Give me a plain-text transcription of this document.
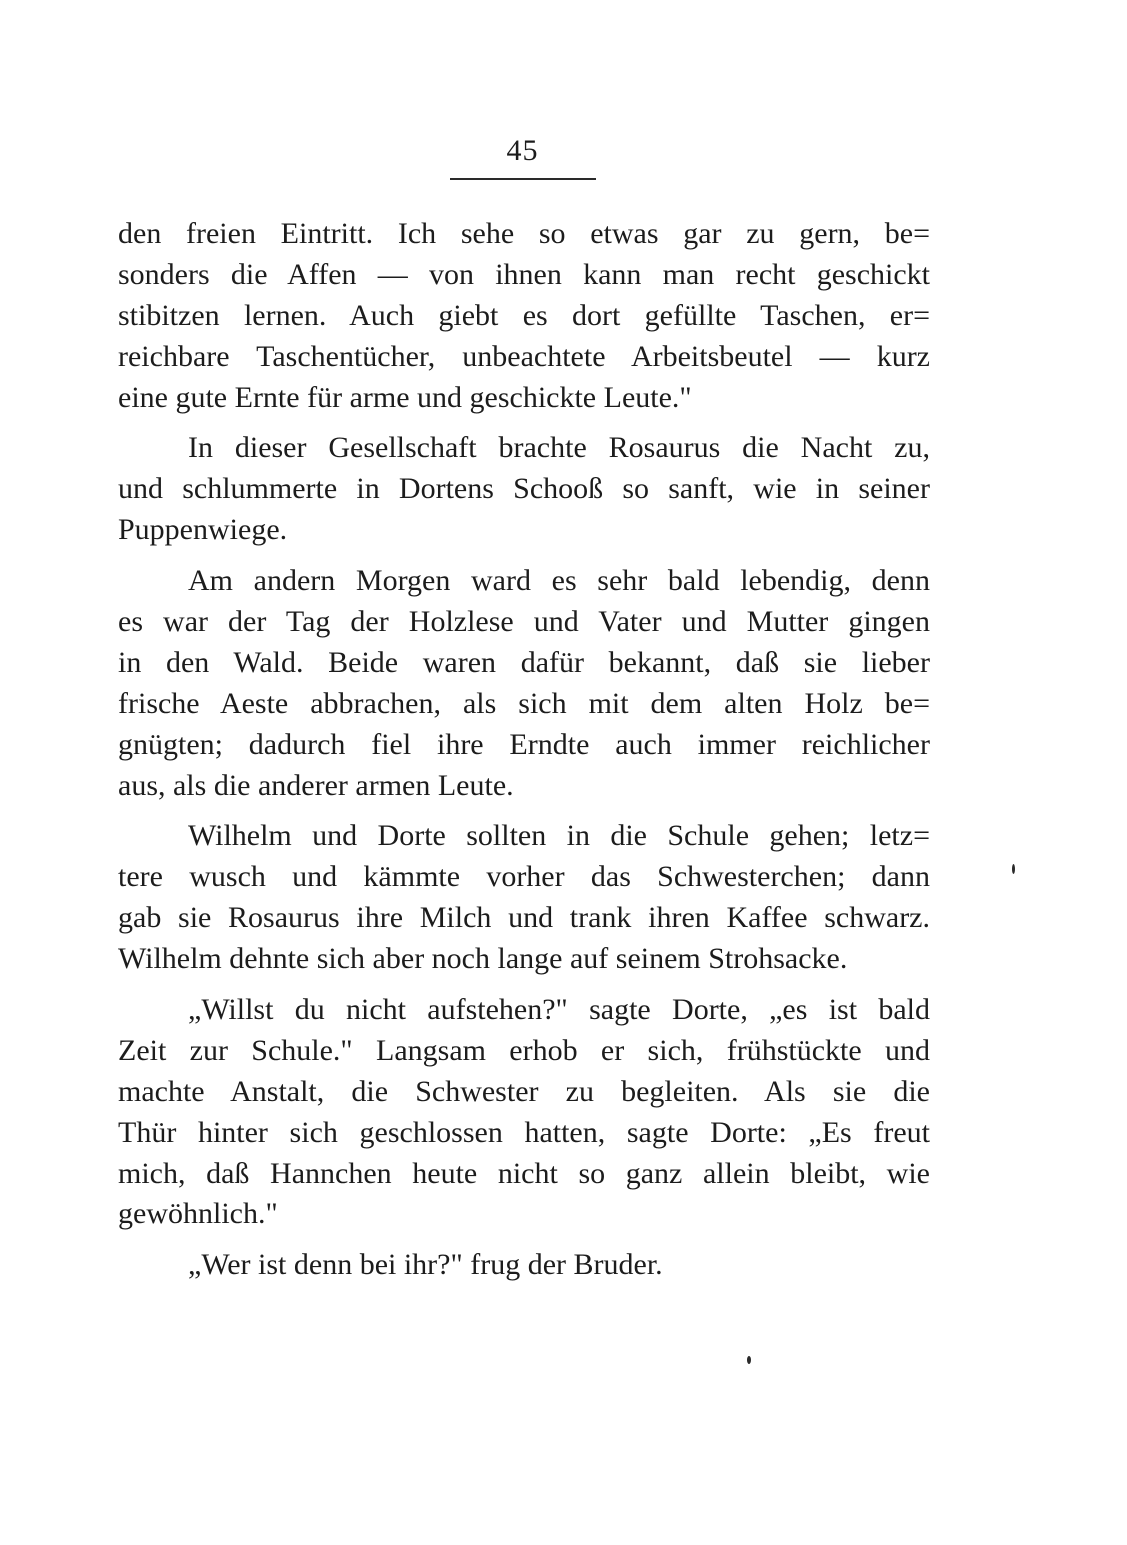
45
den freien Eintritt. Ich sehe so etwas gar zu gern, be=
sonders die Affen — von ihnen kann man recht geschickt
stibitzen lernen. Auch giebt es dort gefüllte Taschen, er=
reichbare Taschentücher, unbeachtete Arbeitsbeutel — kurz
eine gute Ernte für arme und geschickte Leute."
In dieser Gesellschaft brachte Rosaurus die Nacht zu,
und schlummerte in Dortens Schooß so sanft, wie in seiner
Puppenwiege.
Am andern Morgen ward es sehr bald lebendig, denn
es war der Tag der Holzlese und Vater und Mutter gingen
in den Wald. Beide waren dafür bekannt, daß sie lieber
frische Aeste abbrachen, als sich mit dem alten Holz be=
gnügten; dadurch fiel ihre Erndte auch immer reichlicher
aus, als die anderer armen Leute.
Wilhelm und Dorte sollten in die Schule gehen; letz=
tere wusch und kämmte vorher das Schwesterchen; dann
gab sie Rosaurus ihre Milch und trank ihren Kaffee schwarz.
Wilhelm dehnte sich aber noch lange auf seinem Strohsacke.
„Willst du nicht aufstehen?" sagte Dorte, „es ist bald
Zeit zur Schule." Langsam erhob er sich, frühstückte und
machte Anstalt, die Schwester zu begleiten. Als sie die
Thür hinter sich geschlossen hatten, sagte Dorte: „Es freut
mich, daß Hannchen heute nicht so ganz allein bleibt, wie
gewöhnlich."
„Wer ist denn bei ihr?" frug der Bruder.
